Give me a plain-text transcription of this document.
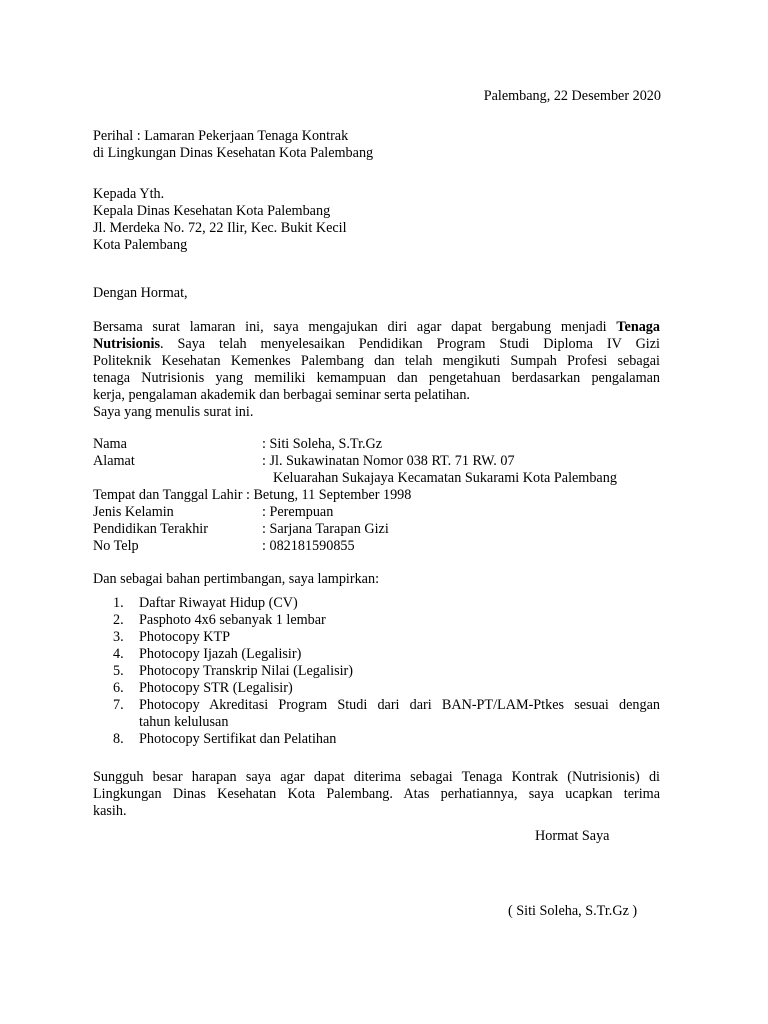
Palembang, 22 Desember 2020
Perihal : Lamaran Pekerjaan Tenaga Kontrak
di Lingkungan Dinas Kesehatan Kota Palembang
Kepada Yth.
Kepala Dinas Kesehatan Kota Palembang
Jl. Merdeka No. 72, 22 Ilir, Kec. Bukit Kecil
Kota Palembang
Dengan Hormat,
Bersama surat lamaran ini, saya mengajukan diri agar dapat bergabung menjadi Tenaga
Nutrisionis. Saya telah menyelesaikan Pendidikan Program Studi Diploma IV Gizi
Politeknik Kesehatan Kemenkes Palembang dan telah mengikuti Sumpah Profesi sebagai
tenaga Nutrisionis yang memiliki kemampuan dan pengetahuan berdasarkan pengalaman
kerja, pengalaman akademik dan berbagai seminar serta pelatihan.
Saya yang menulis surat ini.
Nama	: Siti Soleha, S.Tr.Gz
Alamat	: Jl. Sukawinatan Nomor 038 RT. 71 RW. 07
Keluarahan Sukajaya Kecamatan Sukarami Kota Palembang
Tempat dan Tanggal Lahir : Betung, 11 September 1998
Jenis Kelamin	: Perempuan
Pendidikan Terakhir	: Sarjana Tarapan Gizi
No Telp	: 082181590855
Dan sebagai bahan pertimbangan, saya lampirkan:
1. Daftar Riwayat Hidup (CV)
2. Pasphoto 4x6 sebanyak 1 lembar
3. Photocopy KTP
4. Photocopy Ijazah (Legalisir)
5. Photocopy Transkrip Nilai (Legalisir)
6. Photocopy STR (Legalisir)
7. Photocopy Akreditasi Program Studi dari dari BAN-PT/LAM-Ptkes sesuai dengan
tahun kelulusan
8. Photocopy Sertifikat dan Pelatihan
Sungguh besar harapan saya agar dapat diterima sebagai Tenaga Kontrak (Nutrisionis) di
Lingkungan Dinas Kesehatan Kota Palembang. Atas perhatiannya, saya ucapkan terima
kasih.
Hormat Saya
( Siti Soleha, S.Tr.Gz )
